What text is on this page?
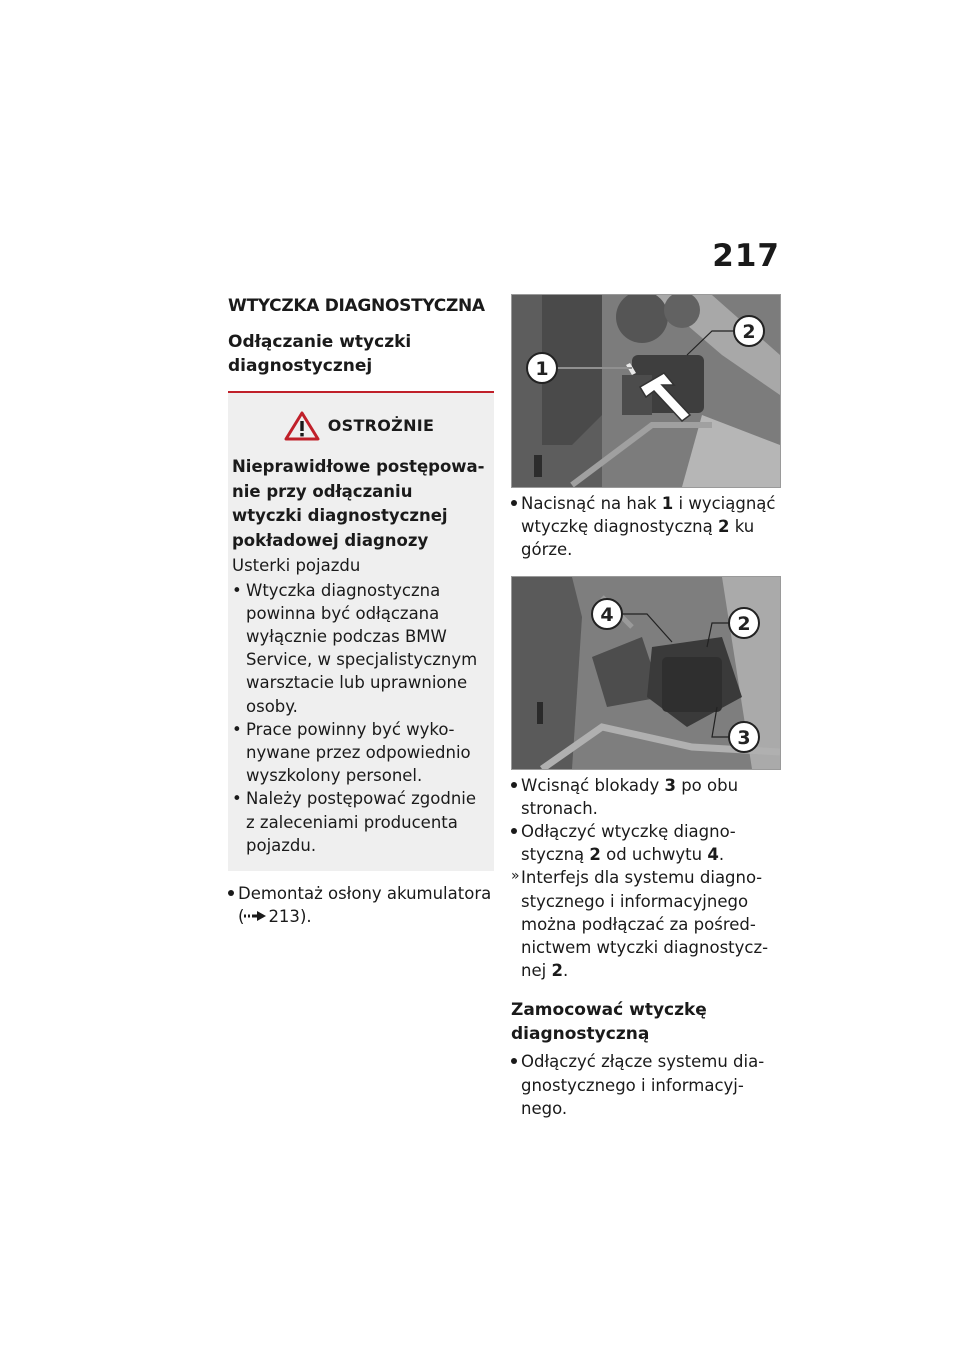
217
WTYCZKA DIAGNOSTYCZNA
Odłączanie wtyczki diagnostycznej
OSTROŻNIE
Nieprawidłowe postępowanie przy odłączaniu wtyczki diagnostycznej pokładowej diagnozy
Usterki pojazdu
• Wtyczka diagnostyczna powinna być odłączana wyłącznie podczas BMW Service, w specjalistycznym warsztacie lub uprawnione osoby.
• Prace powinny być wykonywane przez odpowiednio wyszkolony personel.
• Należy postępować zgodnie z zaleceniami producenta pojazdu.
Demontaż osłony akumulatora
( 213).
1
2
Nacisnąć na hak 1 i wyciągnąć wtyczkę diagnostyczną 2 ku górze.
4	2
3
Wcisnąć blokady 3 po obu stronach.
Odłączyć wtyczkę diagnostyczną 2 od uchwytu 4.
» Interfejs dla systemu diagnostycznego i informacyjnego można podłączać za pośrednictwem wtyczki diagnostycznej 2.
Zamocować wtyczkę diagnostyczną
Odłączyć złącze systemu diagnostycznego i informacyjnego.
